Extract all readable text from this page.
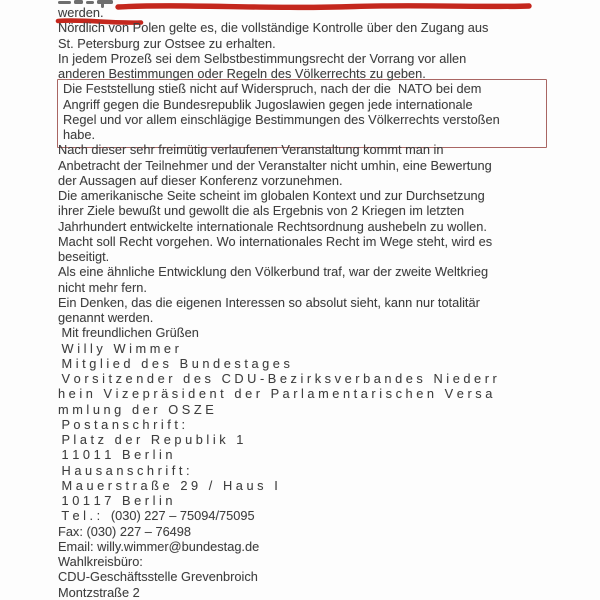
werden.
Nördlich von Polen gelte es, die vollständige Kontrolle über den Zugang aus
St. Petersburg zur Ostsee zu erhalten.
In jedem Prozeß sei dem Selbstbestimmungsrecht der Vorrang vor allen
anderen Bestimmungen oder Regeln des Völkerrechts zu geben.
Die Feststellung stieß nicht auf Widerspruch, nach der die  NATO bei dem
Angriff gegen die Bundesrepublik Jugoslawien gegen jede internationale
Regel und vor allem einschlägige Bestimmungen des Völkerrechts verstoßen
habe.
Nach dieser sehr freimütig verlaufenen Veranstaltung kommt man in
Anbetracht der Teilnehmer und der Veranstalter nicht umhin, eine Bewertung
der Aussagen auf dieser Konferenz vorzunehmen.
Die amerikanische Seite scheint im globalen Kontext und zur Durchsetzung
ihrer Ziele bewußt und gewollt die als Ergebnis von 2 Kriegen im letzten
Jahrhundert entwickelte internationale Rechtsordnung aushebeln zu wollen.
Macht soll Recht vorgehen. Wo internationales Recht im Wege steht, wird es
beseitigt.
Als eine ähnliche Entwicklung den Völkerbund traf, war der zweite Weltkrieg
nicht mehr fern.
Ein Denken, das die eigenen Interessen so absolut sieht, kann nur totalitär
genannt werden.
Mit freundlichen Grüßen
W i l l y   W i m m e r
M i t g l i e d   d e s   B u n d e s t a g e s
V o r s i t z e n d e r   d e s   C D U - B e z i r k s v e r b a n d e s   N i e d e r r
h e i n   V i z e p r ä s i d e n t   d e r   P a r l a m e n t a r i s c h e n   V e r s a
m m l u n g   d e r   O S Z E
P o s t a n s c h r i f t :
P l a t z   d e r   R e p u b l i k   1
1 1 0 1 1   B e r l i n
H a u s a n s c h r i f t :
M a u e r s t r a ß e   2 9   /   H a u s   I
1 0 1 1 7   B e r l i n
T e l . :   (030) 227 – 75094/75095
Fax: (030) 227 – 76498
Email: willy.wimmer@bundestag.de
Wahlkreisbüro:
CDU-Geschäftsstelle Grevenbroich
Montzstraße 2
